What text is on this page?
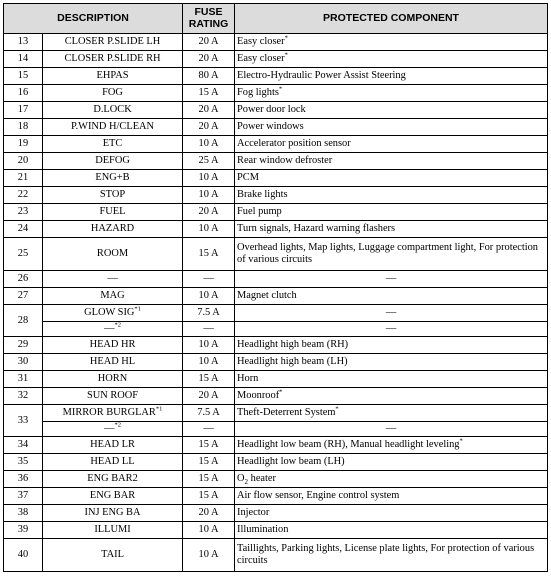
DESCRIPTION		FUSE RATING	PROTECTED COMPONENT
13	CLOSER P.SLIDE LH	20 A	Easy closer*
14	CLOSER P.SLIDE RH	20 A	Easy closer*
15	EHPAS	80 A	Electro-Hydraulic Power Assist Steering
16	FOG	15 A	Fog lights*
17	D.LOCK	20 A	Power door lock
18	P.WIND H/CLEAN	20 A	Power windows
19	ETC	10 A	Accelerator position sensor
20	DEFOG	25 A	Rear window defroster
21	ENG+B	10 A	PCM
22	STOP	10 A	Brake lights
23	FUEL	20 A	Fuel pump
24	HAZARD	10 A	Turn signals, Hazard warning flashers
25	ROOM	15 A	Overhead lights, Map lights, Luggage compartment light, For protection of various circuits
26	—	—	—
27	MAG	10 A	Magnet clutch
28	GLOW SIG$^{*1}$	7.5 A	—
	—$^{*2}$	—	—
29	HEAD HR	10 A	Headlight high beam (RH)
30	HEAD HL	10 A	Headlight high beam (LH)
31	HORN	15 A	Horn
32	SUN ROOF	20 A	Moonroof*
33	MIRROR BURGLAR$^{*1}$	7.5 A	Theft-Deterrent System*
	—$^{*2}$	—	—
34	HEAD LR	15 A	Headlight low beam (RH), Manual headlight leveling*
35	HEAD LL	15 A	Headlight low beam (LH)
36	ENG BAR2	15 A	$O_2$ heater
37	ENG BAR	15 A	Air flow sensor, Engine control system
38	INJ ENG BA	20 A	Injector
39	ILLUMI	10 A	Illumination
40	TAIL	10 A	Taillights, Parking lights, License plate lights, For protection of various circuits
